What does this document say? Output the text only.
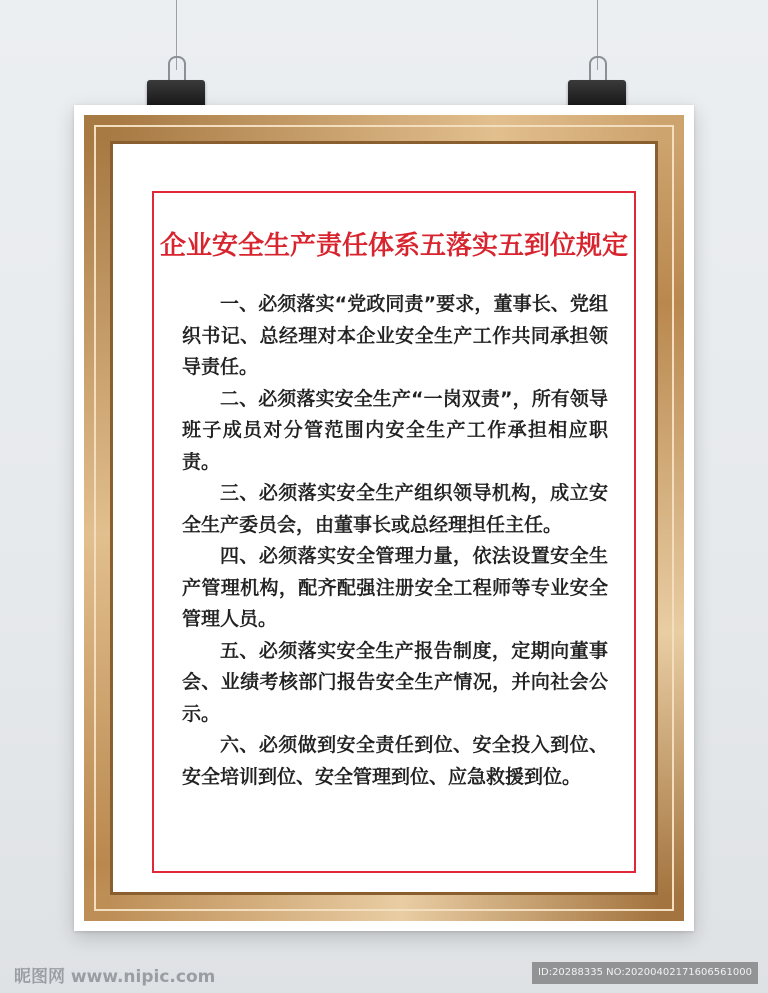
企业安全生产责任体系五落实五到位规定

一、必须落实“党政同责”要求，董事长、党组织书记、总经理对本企业安全生产工作共同承担领导责任。

二、必须落实安全生产“一岗双责”，所有领导班子成员对分管范围内安全生产工作承担相应职责。

三、必须落实安全生产组织领导机构，成立安全生产委员会，由董事长或总经理担任主任。

四、必须落实安全管理力量，依法设置安全生产管理机构，配齐配强注册安全工程师等专业安全管理人员。

五、必须落实安全生产报告制度，定期向董事会、业绩考核部门报告安全生产情况，并向社会公示。

六、必须做到安全责任到位、安全投入到位、安全培训到位、安全管理到位、应急救援到位。

昵图网 www.nipic.com	ID:20288335 NO:20200402171606561000
